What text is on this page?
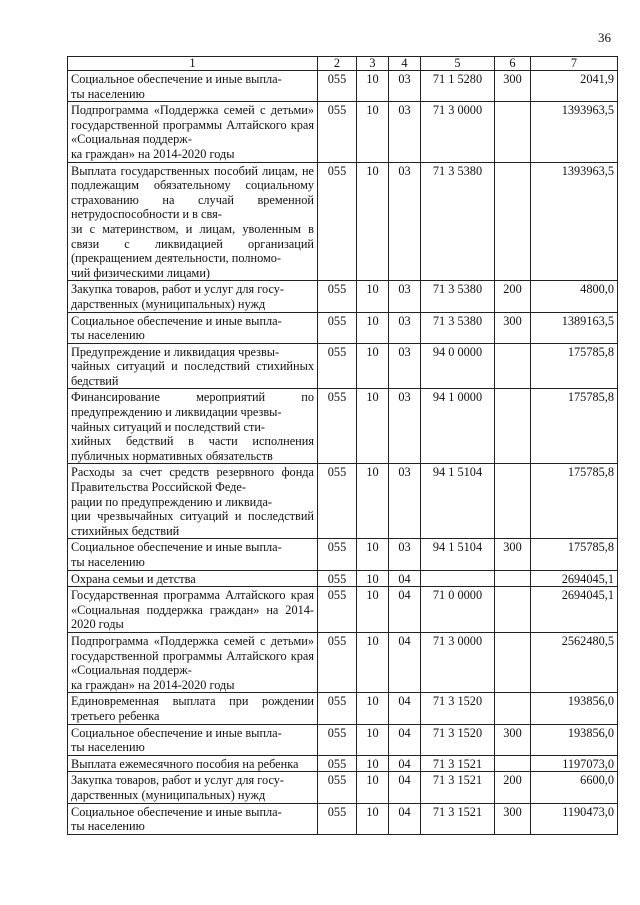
36
1	2	3	4	5	6	7
Социальное обеспечение и иные выпла-
ты населению	055	10	03	71 1 5280	300	2041,9
Подпрограмма «Поддержка семей с детьми» государственной программы Алтайского края «Социальная поддерж-
ка граждан» на 2014-2020 годы	055	10	03	71 3 0000		1393963,5
Выплата государственных пособий лицам, не подлежащим обязательному социальному страхованию на случай временной нетрудоспособности и в свя-
зи с материнством, и лицам, уволенным в связи с ликвидацией организаций (прекращением деятельности, полномо-
чий физическими лицами)	055	10	03	71 3 5380		1393963,5
Закупка товаров, работ и услуг для госу-
дарственных (муниципальных) нужд	055	10	03	71 3 5380	200	4800,0
Социальное обеспечение и иные выпла-
ты населению	055	10	03	71 3 5380	300	1389163,5
Предупреждение и ликвидация чрезвы-
чайных ситуаций и последствий стихийных бедствий	055	10	03	94 0 0000		175785,8
Финансирование мероприятий по предупреждению и ликвидации чрезвы-
чайных ситуаций и последствий сти-
хийных бедствий в части исполнения публичных нормативных обязательств	055	10	03	94 1 0000		175785,8
Расходы за счет средств резервного фонда Правительства Российской Феде-
рации по предупреждению и ликвида-
ции чрезвычайных ситуаций и последствий стихийных бедствий	055	10	03	94 1 5104		175785,8
Социальное обеспечение и иные выпла-
ты населению	055	10	03	94 1 5104	300	175785,8
Охрана семьи и детства	055	10	04			2694045,1
Государственная программа Алтайского края «Социальная поддержка граждан» на 2014-2020 годы	055	10	04	71 0 0000		2694045,1
Подпрограмма «Поддержка семей с детьми» государственной программы Алтайского края «Социальная поддерж-
ка граждан» на 2014-2020 годы	055	10	04	71 3 0000		2562480,5
Единовременная выплата при рождении третьего ребенка	055	10	04	71 3 1520		193856,0
Социальное обеспечение и иные выпла-
ты населению	055	10	04	71 3 1520	300	193856,0
Выплата ежемесячного пособия на ребенка	055	10	04	71 3 1521		1197073,0
Закупка товаров, работ и услуг для госу-
дарственных (муниципальных) нужд	055	10	04	71 3 1521	200	6600,0
Социальное обеспечение и иные выпла-
ты населению	055	10	04	71 3 1521	300	1190473,0
